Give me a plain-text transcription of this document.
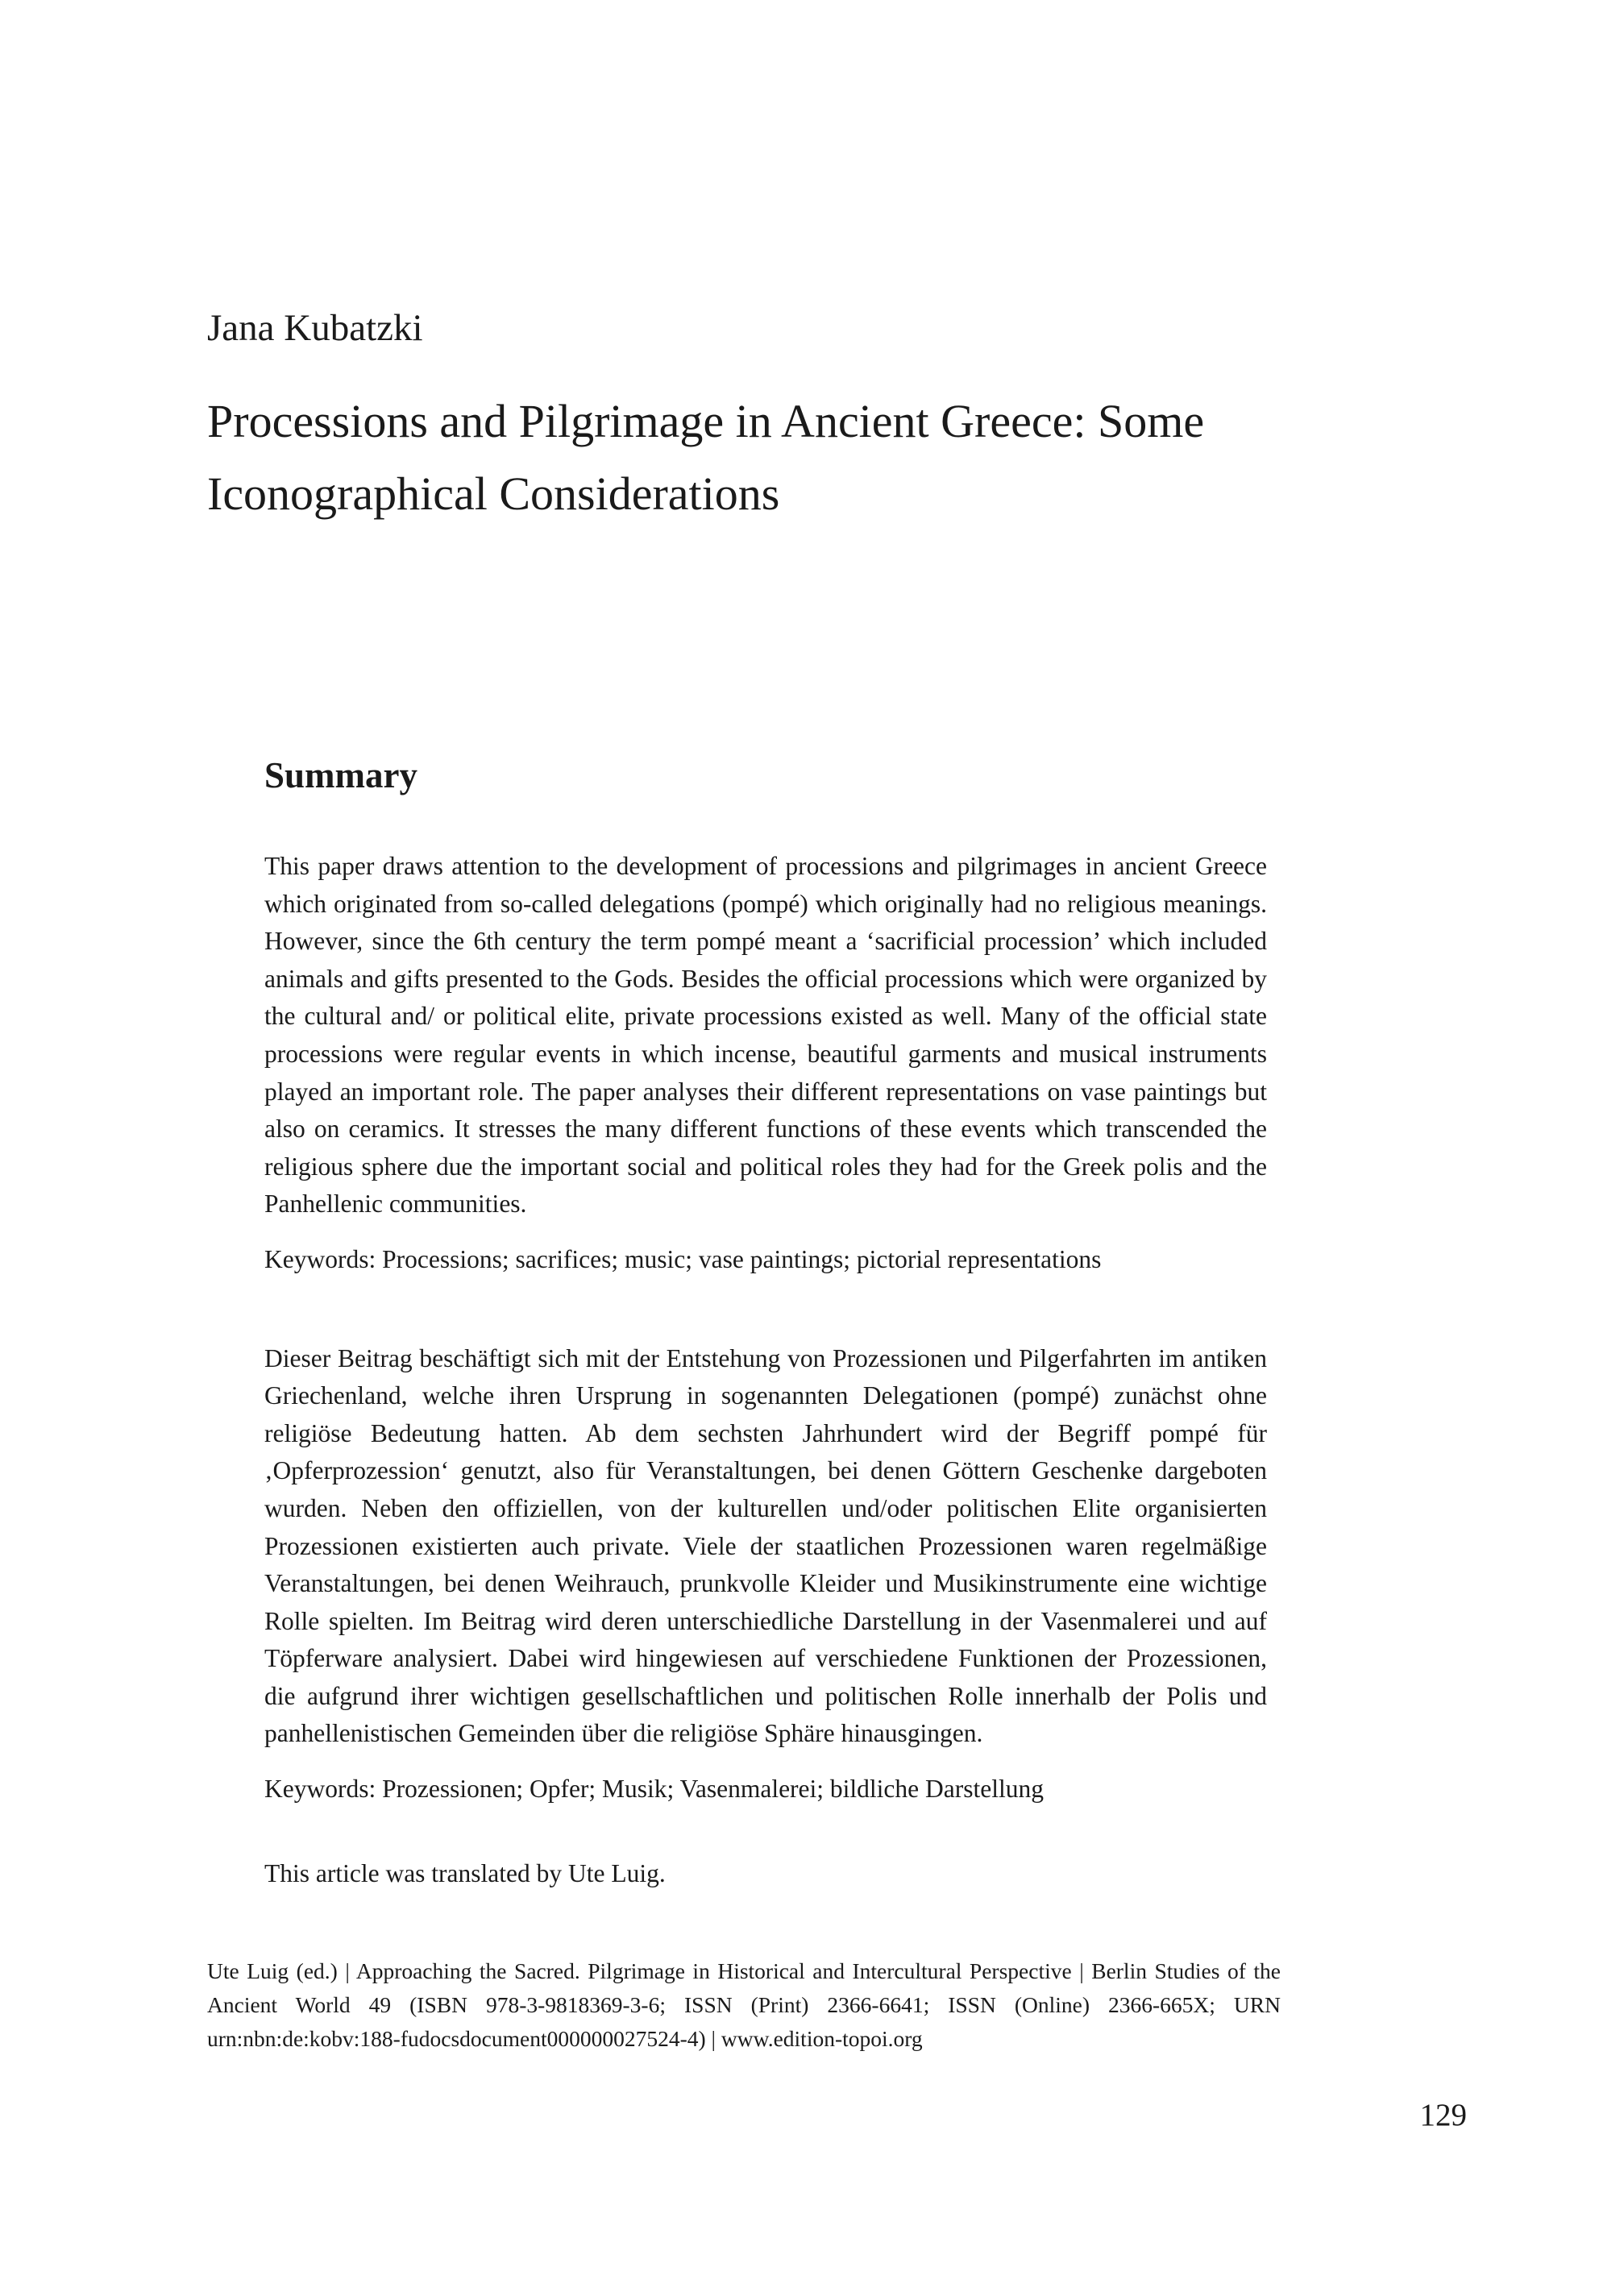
Jana Kubatzki
Processions and Pilgrimage in Ancient Greece: Some Iconographical Considerations
Summary

This paper draws attention to the development of processions and pilgrimages in ancient Greece which originated from so-called delegations (pompé) which originally had no religious meanings. However, since the 6th century the term pompé meant a ‘sacrificial procession’ which included animals and gifts presented to the Gods. Besides the official processions which were organized by the cultural and/ or political elite, private processions existed as well. Many of the official state processions were regular events in which incense, beautiful garments and musical instruments played an important role. The paper analyses their different representations on vase paintings but also on ceramics. It stresses the many different functions of these events which transcended the religious sphere due the important social and political roles they had for the Greek polis and the Panhellenic communities.

Keywords: Processions; sacrifices; music; vase paintings; pictorial representations

Dieser Beitrag beschäftigt sich mit der Entstehung von Prozessionen und Pilgerfahrten im antiken Griechenland, welche ihren Ursprung in sogenannten Delegationen (pompé) zunächst ohne religiöse Bedeutung hatten. Ab dem sechsten Jahrhundert wird der Begriff pompé für ‚Opferprozession‘ genutzt, also für Veranstaltungen, bei denen Göttern Geschenke dargeboten wurden. Neben den offiziellen, von der kulturellen und/oder politischen Elite organisierten Prozessionen existierten auch private. Viele der staatlichen Prozessionen waren regelmäßige Veranstaltungen, bei denen Weihrauch, prunkvolle Kleider und Musikinstrumente eine wichtige Rolle spielten. Im Beitrag wird deren unterschiedliche Darstellung in der Vasenmalerei und auf Töpferware analysiert. Dabei wird hingewiesen auf verschiedene Funktionen der Prozessionen, die aufgrund ihrer wichtigen gesellschaftlichen und politischen Rolle innerhalb der Polis und panhellenistischen Gemeinden über die religiöse Sphäre hinausgingen.

Keywords: Prozessionen; Opfer; Musik; Vasenmalerei; bildliche Darstellung

This article was translated by Ute Luig.

Ute Luig (ed.) | Approaching the Sacred. Pilgrimage in Historical and Intercultural Perspective | Berlin Studies of the Ancient World 49 (ISBN 978-3-9818369-3-6; ISSN (Print) 2366-6641; ISSN (Online) 2366-665X; URN urn:nbn:de:kobv:188-fudocsdocument000000027524-4) | www.edition-topoi.org

129
